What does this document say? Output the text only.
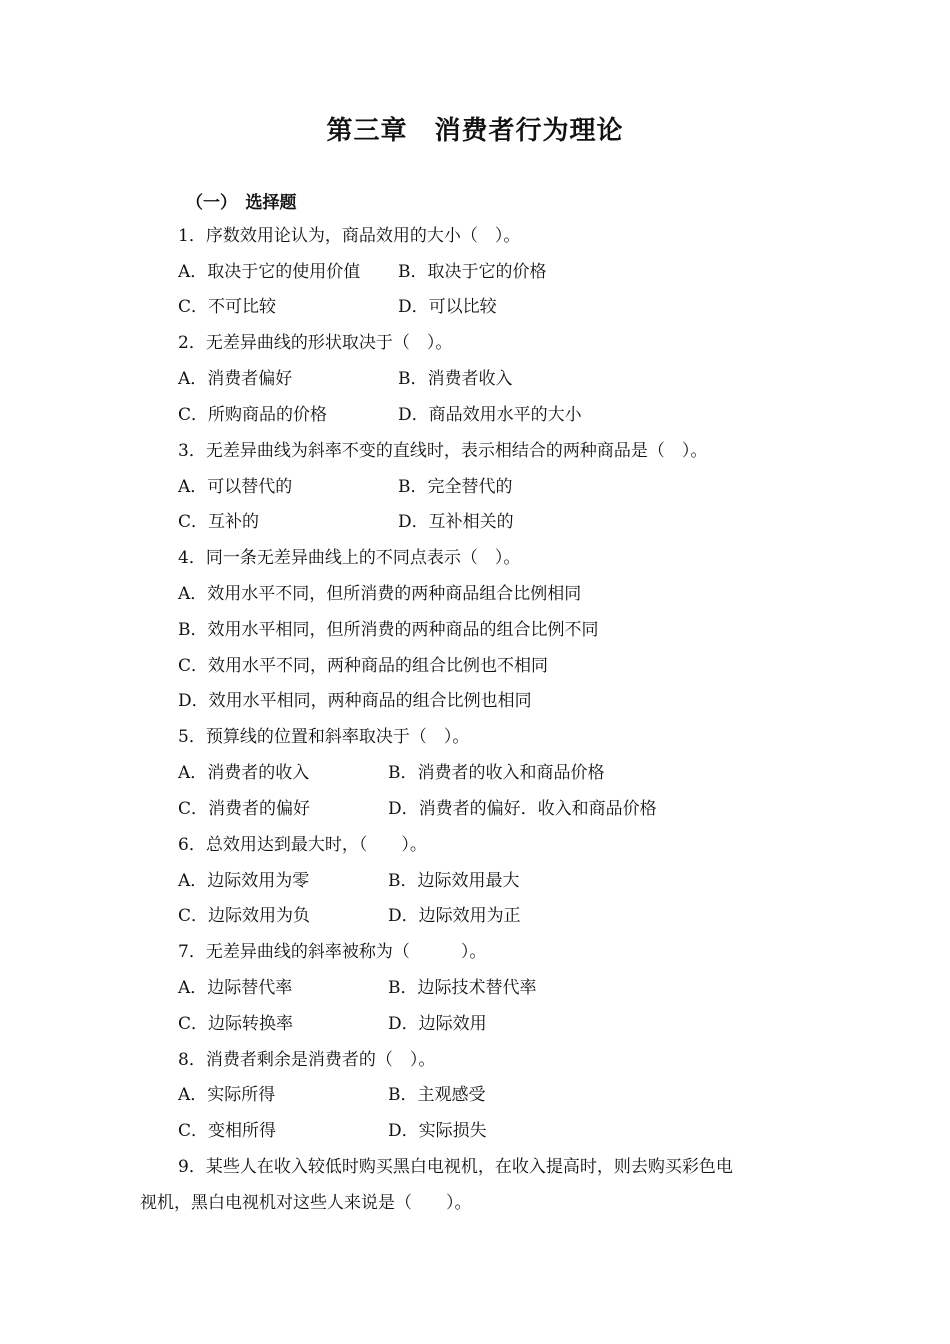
第三章　消费者行为理论
（一）　选择题
1．序数效用论认为，商品效用的大小（　）。
A．取决于它的使用价值 B．取决于它的价格
C．不可比较	D．可以比较
2．无差异曲线的形状取决于（　）。
A．消费者偏好	B．消费者收入
C．所购商品的价格	D．商品效用水平的大小
3．无差异曲线为斜率不变的直线时，表示相结合的两种商品是（　）。
A．可以替代的	B．完全替代的
C．互补的	D．互补相关的
4．同一条无差异曲线上的不同点表示（　）。
A．效用水平不同，但所消费的两种商品组合比例相同
B．效用水平相同，但所消费的两种商品的组合比例不同
C．效用水平不同，两种商品的组合比例也不相同
D．效用水平相同，两种商品的组合比例也相同
5．预算线的位置和斜率取决于（　）。
A．消费者的收入	B．消费者的收入和商品价格
C．消费者的偏好	D．消费者的偏好．收入和商品价格
6．总效用达到最大时，（　　）。
A．边际效用为零	B．边际效用最大
C．边际效用为负	D．边际效用为正
7．无差异曲线的斜率被称为（　　　）。
A．边际替代率	B．边际技术替代率
C．边际转换率	D．边际效用
8．消费者剩余是消费者的（　）。
A．实际所得	B．主观感受
C．变相所得	D．实际损失
9．某些人在收入较低时购买黑白电视机，在收入提高时，则去购买彩色电
视机，黑白电视机对这些人来说是（　　）。
